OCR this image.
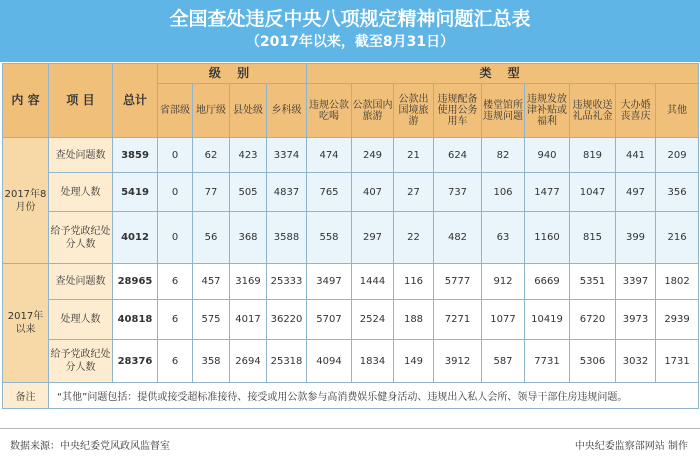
全国查处违反中央八项规定精神问题汇总表
（2017年以来，截至8月31日）
内 容	项 目	总计	级 别				类 型								
			省部级	地厅级	县处级	乡科级	违规公款吃喝	公款国内旅游	公款出国境旅游	违规配备使用公务用车	楼堂馆所违规问题	违规发放津补贴或福利	违规收送礼品礼金	大办婚丧喜庆	其他
2017年8月份	查处问题数	3859	0	62	423	3374	474	249	21	624	82	940	819	441	209
	处理人数	5419	0	77	505	4837	765	407	27	737	106	1477	1047	497	356
	给予党政纪处分人数	4012	0	56	368	3588	558	297	22	482	63	1160	815	399	216
2017年以来	查处问题数	28965	6	457	3169	25333	3497	1444	116	5777	912	6669	5351	3397	1802
	处理人数	40818	6	575	4017	36220	5707	2524	188	7271	1077	10419	6720	3973	2939
	给予党政纪处分人数	28376	6	358	2694	25318	4094	1834	149	3912	587	7731	5306	3032	1731
备注	“其他”问题包括：提供或接受超标准接待、接受或用公款参与高消费娱乐健身活动、违规出入私人会所、领导干部住房违规问题。														
数据来源：中央纪委党风政风监督室	中央纪委监察部网站 制作
